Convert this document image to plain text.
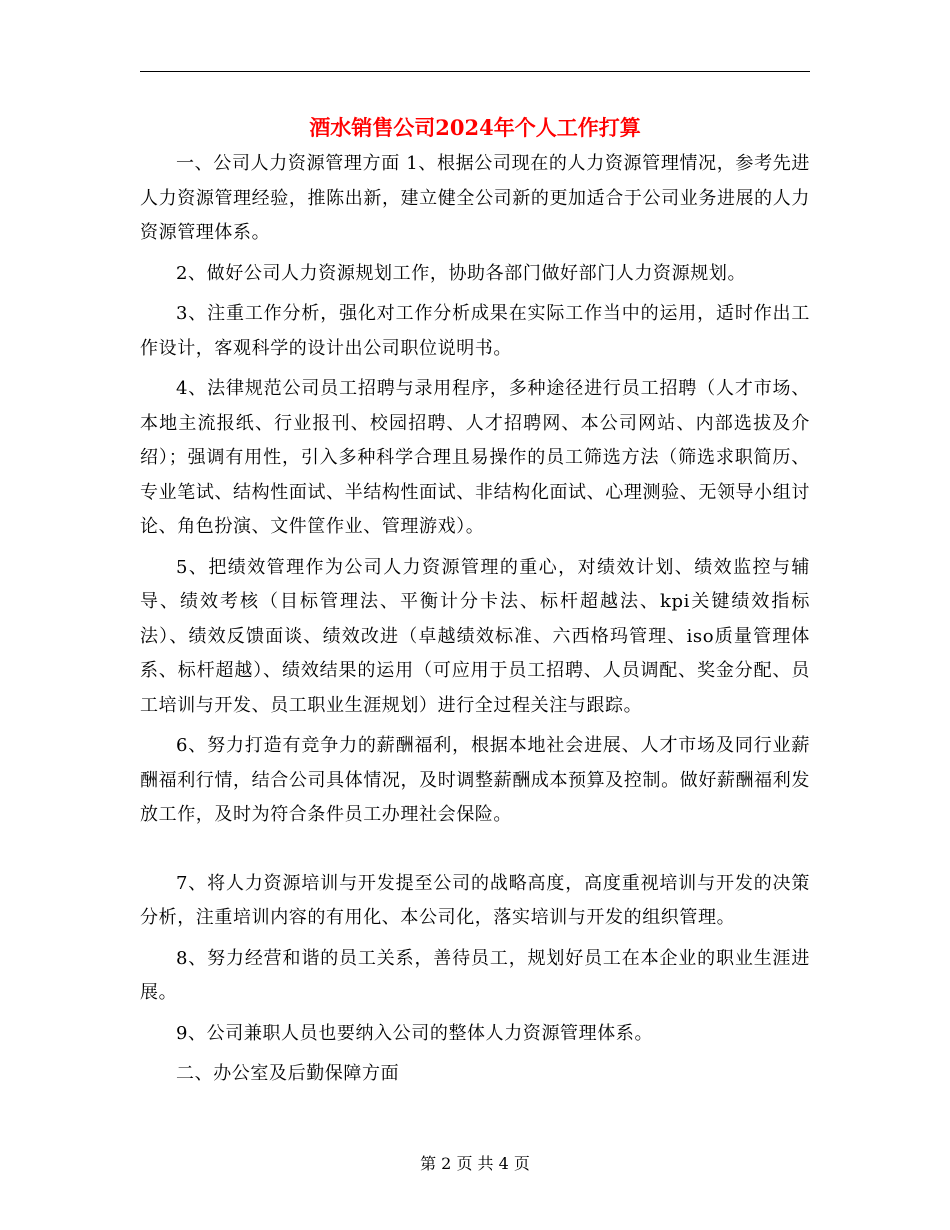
酒水销售公司2024年个人工作打算

一、公司人力资源管理方面 1、根据公司现在的人力资源管理情况，参考先进人力资源管理经验，推陈出新，建立健全公司新的更加适合于公司业务进展的人力资源管理体系。

2、做好公司人力资源规划工作，协助各部门做好部门人力资源规划。

3、注重工作分析，强化对工作分析成果在实际工作当中的运用，适时作出工作设计，客观科学的设计出公司职位说明书。

4、法律规范公司员工招聘与录用程序，多种途径进行员工招聘（人才市场、本地主流报纸、行业报刊、校园招聘、人才招聘网、本公司网站、内部选拔及介绍）；强调有用性，引入多种科学合理且易操作的员工筛选方法（筛选求职简历、专业笔试、结构性面试、半结构性面试、非结构化面试、心理测验、无领导小组讨论、角色扮演、文件筐作业、管理游戏）。

5、把绩效管理作为公司人力资源管理的重心，对绩效计划、绩效监控与辅导、绩效考核（目标管理法、平衡计分卡法、标杆超越法、kpi关键绩效指标法）、绩效反馈面谈、绩效改进（卓越绩效标准、六西格玛管理、iso质量管理体系、标杆超越）、绩效结果的运用（可应用于员工招聘、人员调配、奖金分配、员工培训与开发、员工职业生涯规划）进行全过程关注与跟踪。

6、努力打造有竞争力的薪酬福利，根据本地社会进展、人才市场及同行业薪酬福利行情，结合公司具体情况，及时调整薪酬成本预算及控制。做好薪酬福利发放工作，及时为符合条件员工办理社会保险。

7、将人力资源培训与开发提至公司的战略高度，高度重视培训与开发的决策分析，注重培训内容的有用化、本公司化，落实培训与开发的组织管理。

8、努力经营和谐的员工关系，善待员工，规划好员工在本企业的职业生涯进展。

9、公司兼职人员也要纳入公司的整体人力资源管理体系。

二、办公室及后勤保障方面

第 2 页 共 4 页
